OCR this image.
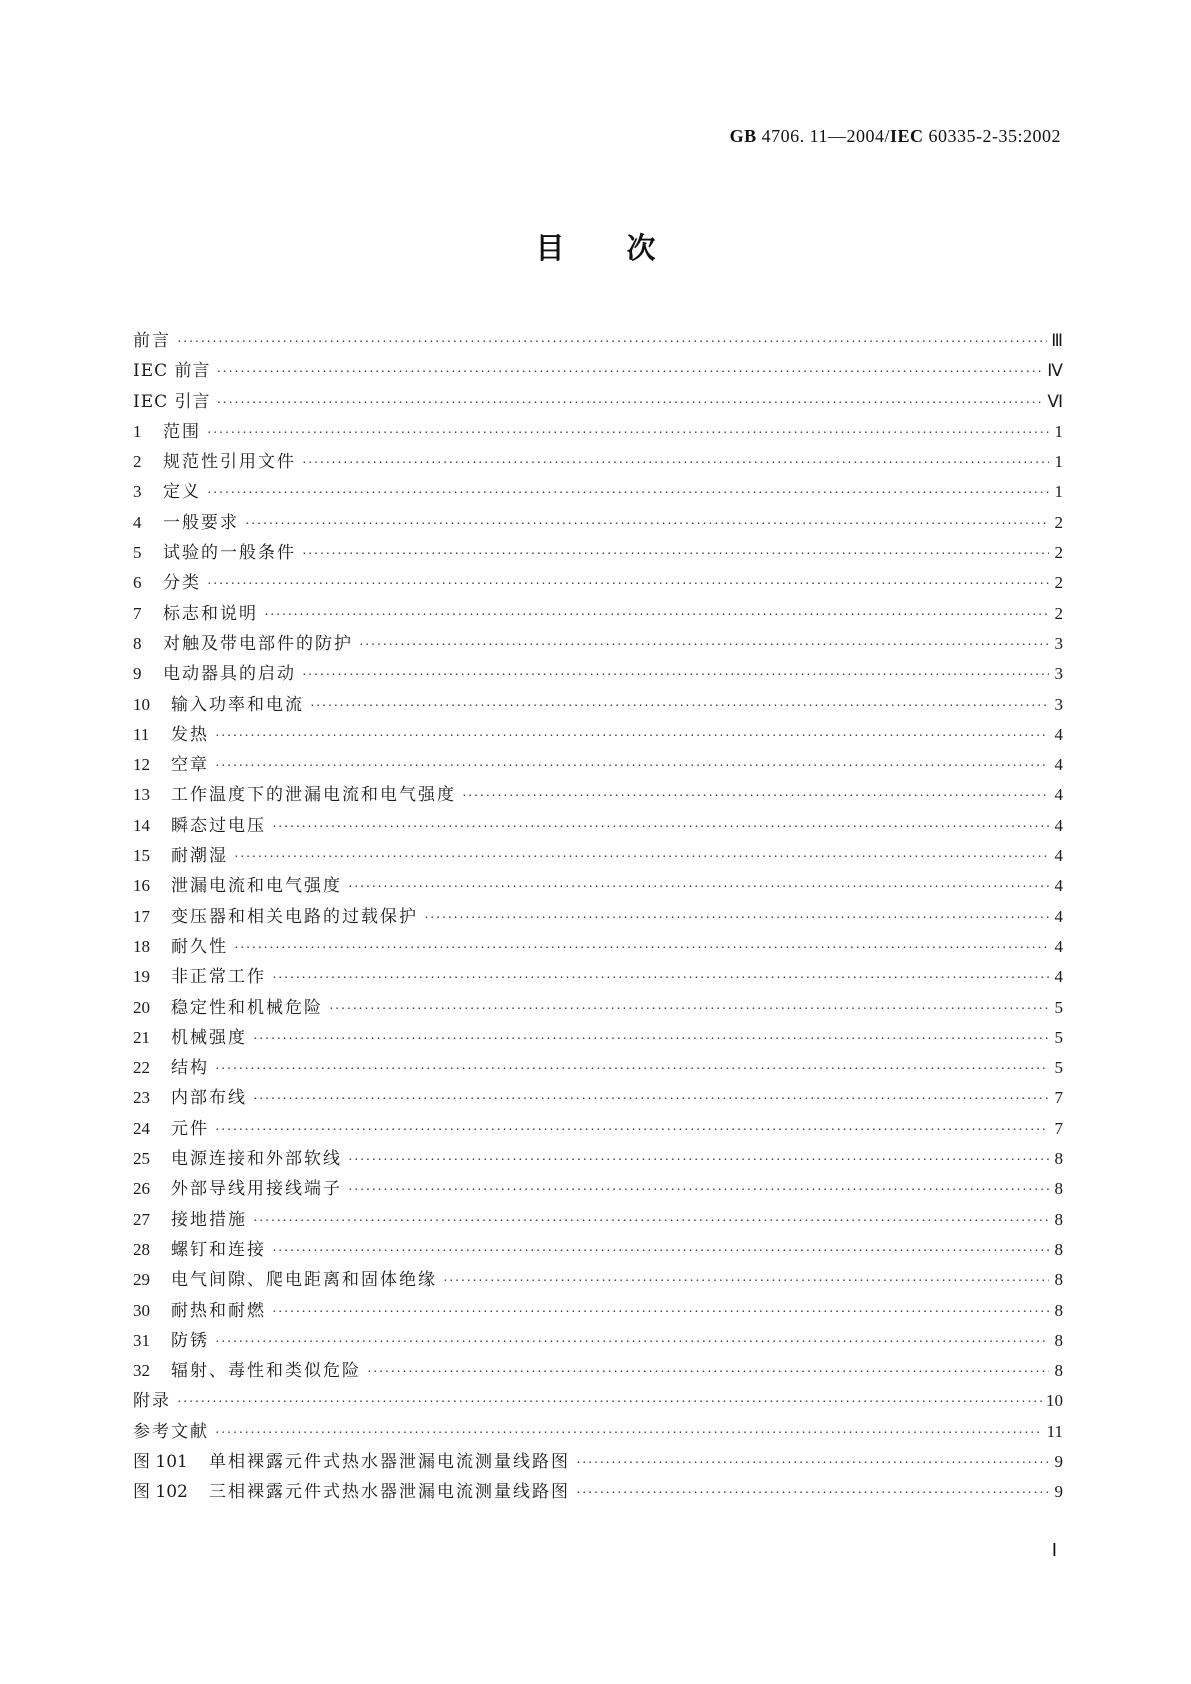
GB 4706. 11—2004/IEC 60335-2-35:2002
目次
前言 ·····	Ⅲ
IEC 前言 ·····	Ⅳ
IEC 引言 ·····	Ⅵ
1	范围 ·····	1
2	规范性引用文件 ·····	1
3	定义 ·····	1
4	一般要求 ·····	2
5	试验的一般条件 ·····	2
6	分类 ·····	2
7	标志和说明 ·····	2
8	对触及带电部件的防护 ·····	3
9	电动器具的启动 ·····	3
10	输入功率和电流 ·····	3
11	发热 ·····	4
12	空章 ·····	4
13	工作温度下的泄漏电流和电气强度 ·····	4
14	瞬态过电压 ·····	4
15	耐潮湿 ·····	4
16	泄漏电流和电气强度 ·····	4
17	变压器和相关电路的过载保护 ·····	4
18	耐久性 ·····	4
19	非正常工作 ·····	4
20	稳定性和机械危险 ·····	5
21	机械强度 ·····	5
22	结构 ·····	5
23	内部布线 ·····	7
24	元件 ·····	7
25	电源连接和外部软线 ·····	8
26	外部导线用接线端子 ·····	8
27	接地措施 ·····	8
28	螺钉和连接 ·····	8
29	电气间隙、爬电距离和固体绝缘 ·····	8
30	耐热和耐燃 ·····	8
31	防锈 ·····	8
32	辐射、毒性和类似危险 ·····	8
附录 ·····	10
参考文献 ·····	11
图 101	单相裸露元件式热水器泄漏电流测量线路图 ·····	9
图 102	三相裸露元件式热水器泄漏电流测量线路图 ·····	9
Ⅰ
